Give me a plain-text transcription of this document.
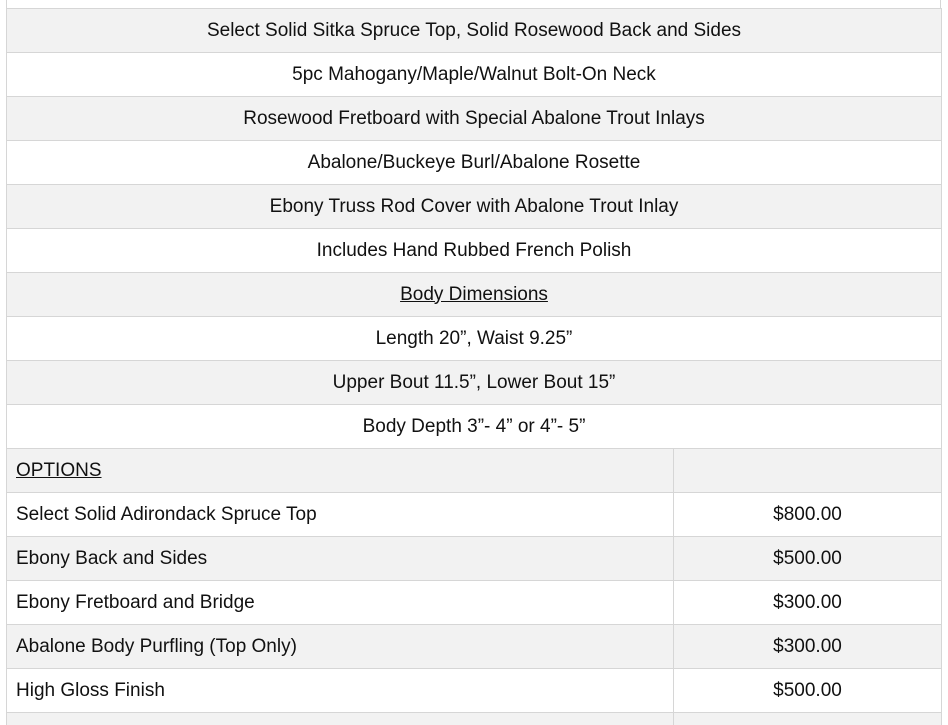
Select Solid Sitka Spruce Top, Solid Rosewood Back and Sides
5pc Mahogany/Maple/Walnut Bolt-On Neck
Rosewood Fretboard with Special Abalone Trout Inlays
Abalone/Buckeye Burl/Abalone Rosette
Ebony Truss Rod Cover with Abalone Trout Inlay
Includes Hand Rubbed French Polish
Body Dimensions
Length 20”, Waist 9.25”
Upper Bout 11.5”, Lower Bout 15”
Body Depth 3”- 4” or 4”- 5”
OPTIONS
Select Solid Adirondack Spruce Top	$800.00
Ebony Back and Sides	$500.00
Ebony Fretboard and Bridge	$300.00
Abalone Body Purfling (Top Only)	$300.00
High Gloss Finish	$500.00
